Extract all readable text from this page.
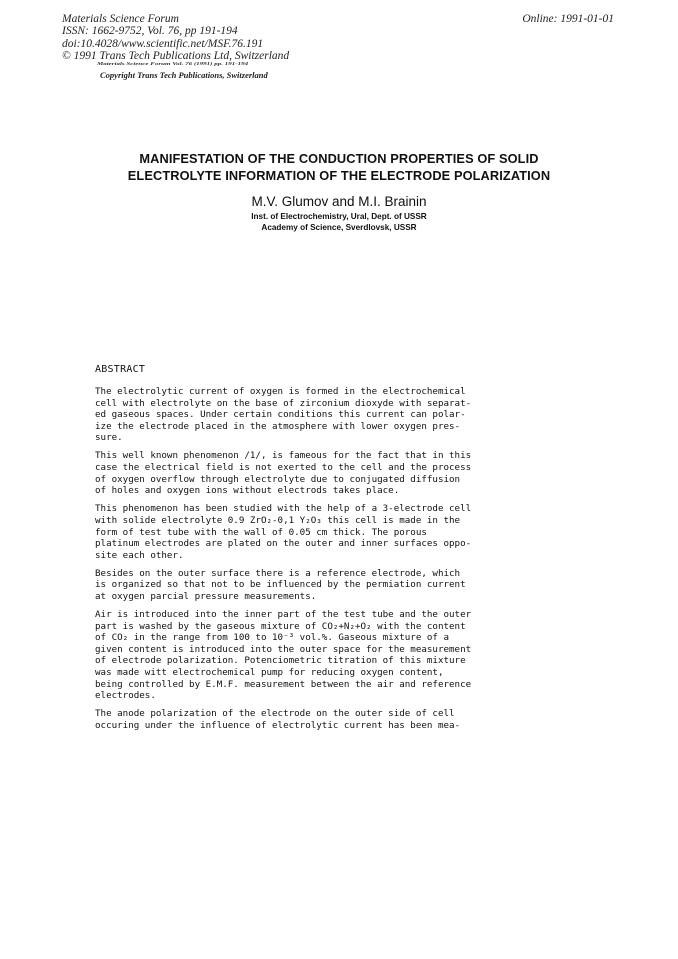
Materials Science Forum
ISSN: 1662-9752, Vol. 76, pp 191-194
doi:10.4028/www.scientific.net/MSF.76.191
© 1991 Trans Tech Publications Ltd, Switzerland
Online: 1991-01-01
Materials Science Forum Vol. 76 (1991) pp. 191-194
Copyright Trans Tech Publications, Switzerland
MANIFESTATION OF THE CONDUCTION PROPERTIES OF SOLID
ELECTROLYTE INFORMATION OF THE ELECTRODE POLARIZATION
M.V. Glumov and M.I. Brainin
Inst. of Electrochemistry, Ural, Dept. of USSR
Academy of Science, Sverdlovsk, USSR
ABSTRACT
The electrolytic current of oxygen is formed in the electrochemical
cell with electrolyte on the base of zirconium dioxyde with separat-
ed gaseous spaces. Under certain conditions this current can polar-
ize the electrode placed in the atmosphere with lower oxygen pres-
sure.
This well known phenomenon /1/, is fameous for the fact that in this
case the electrical field is not exerted to the cell and the process
of oxygen overflow through electrolyte due to conjugated diffusion
of holes and oxygen ions without electrods takes place.
This phenomenon has been studied with the help of a 3-electrode cell
with solide electrolyte 0.9 ZrO₂-0,1 Y₂O₃ this cell is made in the
form of test tube with the wall of 0.05 cm thick. The porous
platinum electrodes are plated on the outer and inner surfaces oppo-
site each other.
Besides on the outer surface there is a reference electrode, which
is organized so that not to be influenced by the permiation current
at oxygen parcial pressure measurements.
Air is introduced into the inner part of the test tube and the outer
part is washed by the gaseous mixture of CO₂+N₂+O₂ with the content
of CO₂ in the range from 100 to 10⁻³ vol.%. Gaseous mixture of a
given content is introduced into the outer space for the measurement
of electrode polarization. Potenciometric titration of this mixture
was made witt electrochemical pump for reducing oxygen content,
being controlled by E.M.F. measurement between the air and reference
electrodes.
The anode polarization of the electrode on the outer side of cell
occuring under the influence of electrolytic current has been mea-
